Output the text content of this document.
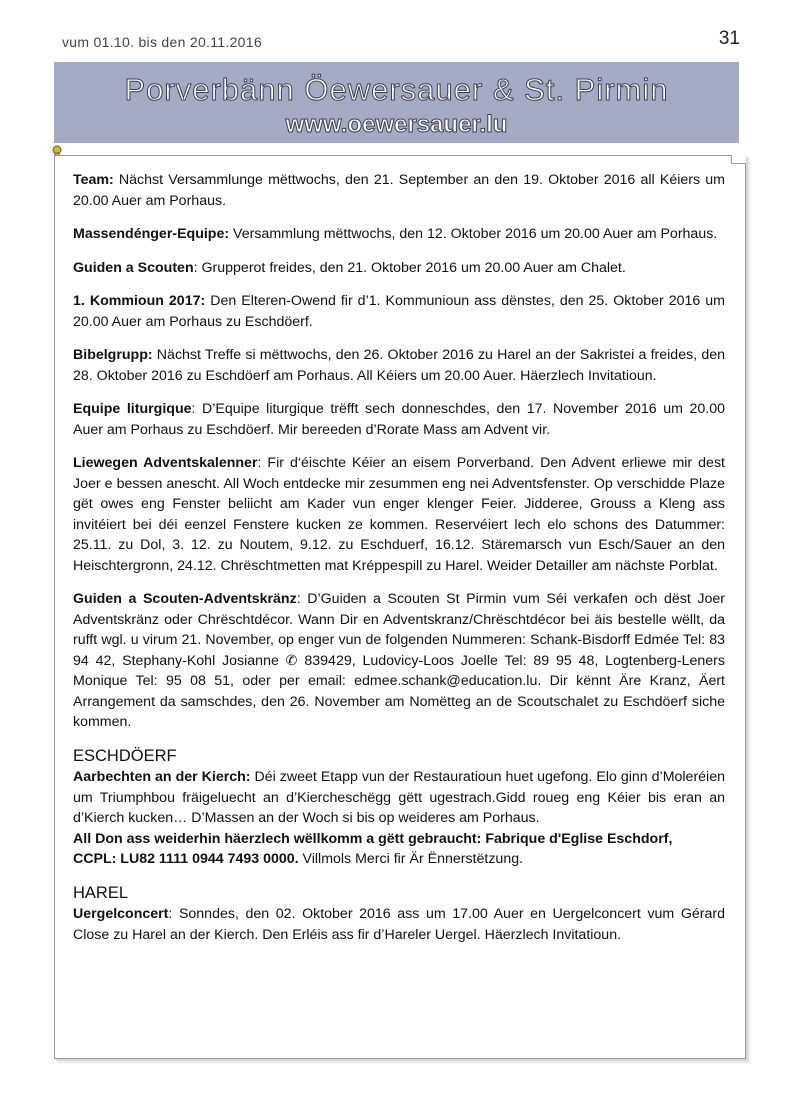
vum 01.10. bis den 20.11.2016	31
Porverbänn Öewersauer & St. Pirmin
www.oewersauer.lu

Team: Nächst Versammlunge mëttwochs, den 21. September an den 19. Oktober 2016 all Kéiers um 20.00 Auer am Porhaus.

Massendénger-Equipe: Versammlung mëttwochs, den 12. Oktober 2016 um 20.00 Auer am Porhaus.

Guiden a Scouten: Grupperot freides, den 21. Oktober 2016 um 20.00 Auer am Chalet.

1. Kommioun 2017: Den Elteren-Owend fir d’1. Kommunioun ass dënstes, den 25. Oktober 2016 um 20.00 Auer am Porhaus zu Eschdöerf.

Bibelgrupp: Nächst Treffe si mëttwochs, den 26. Oktober 2016 zu Harel an der Sakristei a freides, den 28. Oktober 2016 zu Eschdöerf am Porhaus. All Kéiers um 20.00 Auer. Häerzlech Invitatioun.

Equipe liturgique: D’Equipe liturgique trëfft sech donneschdes, den 17. November 2016 um 20.00 Auer am Porhaus zu Eschdöerf. Mir bereeden d’Rorate Mass am Advent vir.

Liewegen Adventskalenner: Fir d‘éischte Kéier an eisem Porverband. Den Advent erliewe mir dest Joer e bessen anescht. All Woch entdecke mir zesummen eng nei Adventsfenster. Op verschidde Plaze gët owes eng Fenster beliicht am Kader vun enger klenger Feier. Jiddereе, Grouss a Kleng ass invitéiert bei déi eenzel Fenstere kucken ze kommen. Reservéiert lech elo schons des Datummer: 25.11. zu Dol, 3. 12. zu Noutem, 9.12. zu Eschduerf, 16.12. Stäremarsch vun Esch/Sauer an den Heischtergronn, 24.12. Chrëschtmetten mat Kréppespill zu Harel. Weider Detailler am nächste Porblat.

Guiden a Scouten-Adventskränz: D’Guiden a Scouten St Pirmin vum Séi verkafen och dëst Joer Adventskränz oder Chrëschtdécor. Wann Dir en Adventskranz/Chrëschtdécor bei äis bestelle wëllt, da rufft wgl. u virum 21. November, op enger vun de folgenden Nummeren: Schank-Bisdorff Edmée Tel: 83 94 42, Stephany-Kohl Josianne ✆ 839429, Ludovicy-Loos Joelle Tel: 89 95 48, Logtenberg-Leners Monique Tel: 95 08 51, oder per email: edmee.schank@education.lu. Dir kënnt Äre Kranz, Äert Arrangement da samschdes, den 26. November am Nomëtteg an de Scoutschalet zu Eschdöerf siche kommen.

ESCHDÖERF

Aarbechten an der Kierch: Déi zweet Etapp vun der Restauratioun huet ugefong. Elo ginn d’Moleréien um Triumphbou fräigeluecht an d’Kiercheschëgg gëtt ugestrach.Gidd roueg eng Kéier bis eran an d’Kierch kucken… D’Massen an der Woch si bis op weideres am Porhaus.

All Don ass weiderhin häerzlech wëllkomm a gëtt gebraucht: Fabrique d'Eglise Eschdorf,
CCPL: LU82 1111 0944 7493 0000. Villmols Merci fir Är Ënnerstëtzung.

HAREL

Uergelconcert: Sonndes, den 02. Oktober 2016 ass um 17.00 Auer en Uergelconcert vum Gérard Close zu Harel an der Kierch. Den Erléis ass fir d’Hareler Uergel. Häerzlech Invitatioun.
